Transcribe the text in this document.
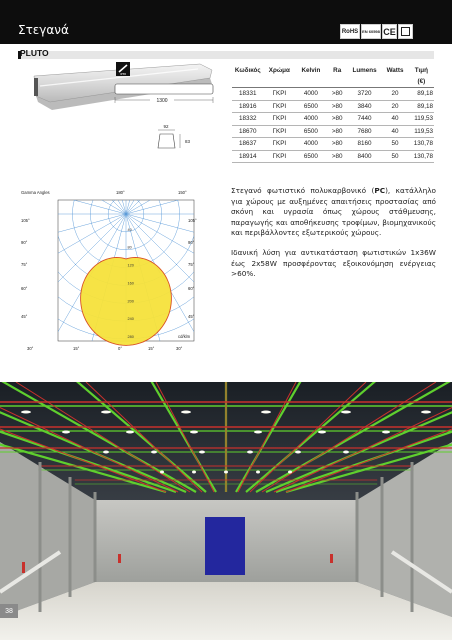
Στεγανά	RoHS EN 60598 CE
PLUTO
IP65
1300
92
83
Κωδικός	Χρώμα	Kelvin	Ra	Lumens	Watts	Τιμή
						(€)
18331	ΓΚΡΙ	4000	>80	3720	20	89,18
18916	ΓΚΡΙ	6500	>80	3840	20	89,18
18332	ΓΚΡΙ	4000	>80	7440	40	119,53
18670	ΓΚΡΙ	6500	>80	7680	40	119,53
18637	ΓΚΡΙ	4000	>80	8160	50	130,78
18914	ΓΚΡΙ	6500	>80	8400	50	130,78
40
80
120
160
200
240
280
Gamma Angles	180°	150°
105°
90°
75°
60°
45°
105°
90°
75°
60°
45°
30°	15°	0°	15°	30°
cd/klm

Στεγανό φωτιστικό πολυκαρβονικό (PC), κατάλληλο για χώρους με αυξημένες απαιτήσεις προστασίας από σκόνη και υγρασία όπως χώρους στάθμευσης, παραγωγής και αποθήκευσης τροφίμων, βιομηχανικούς και περιβάλλοντες εξωτερικούς χώρους.

Ιδανική λύση για αντικατάσταση φωτιστικών 1x36W έως 2x58W προσφέροντας εξοικονόμηση ενέργειας >60%.

38
